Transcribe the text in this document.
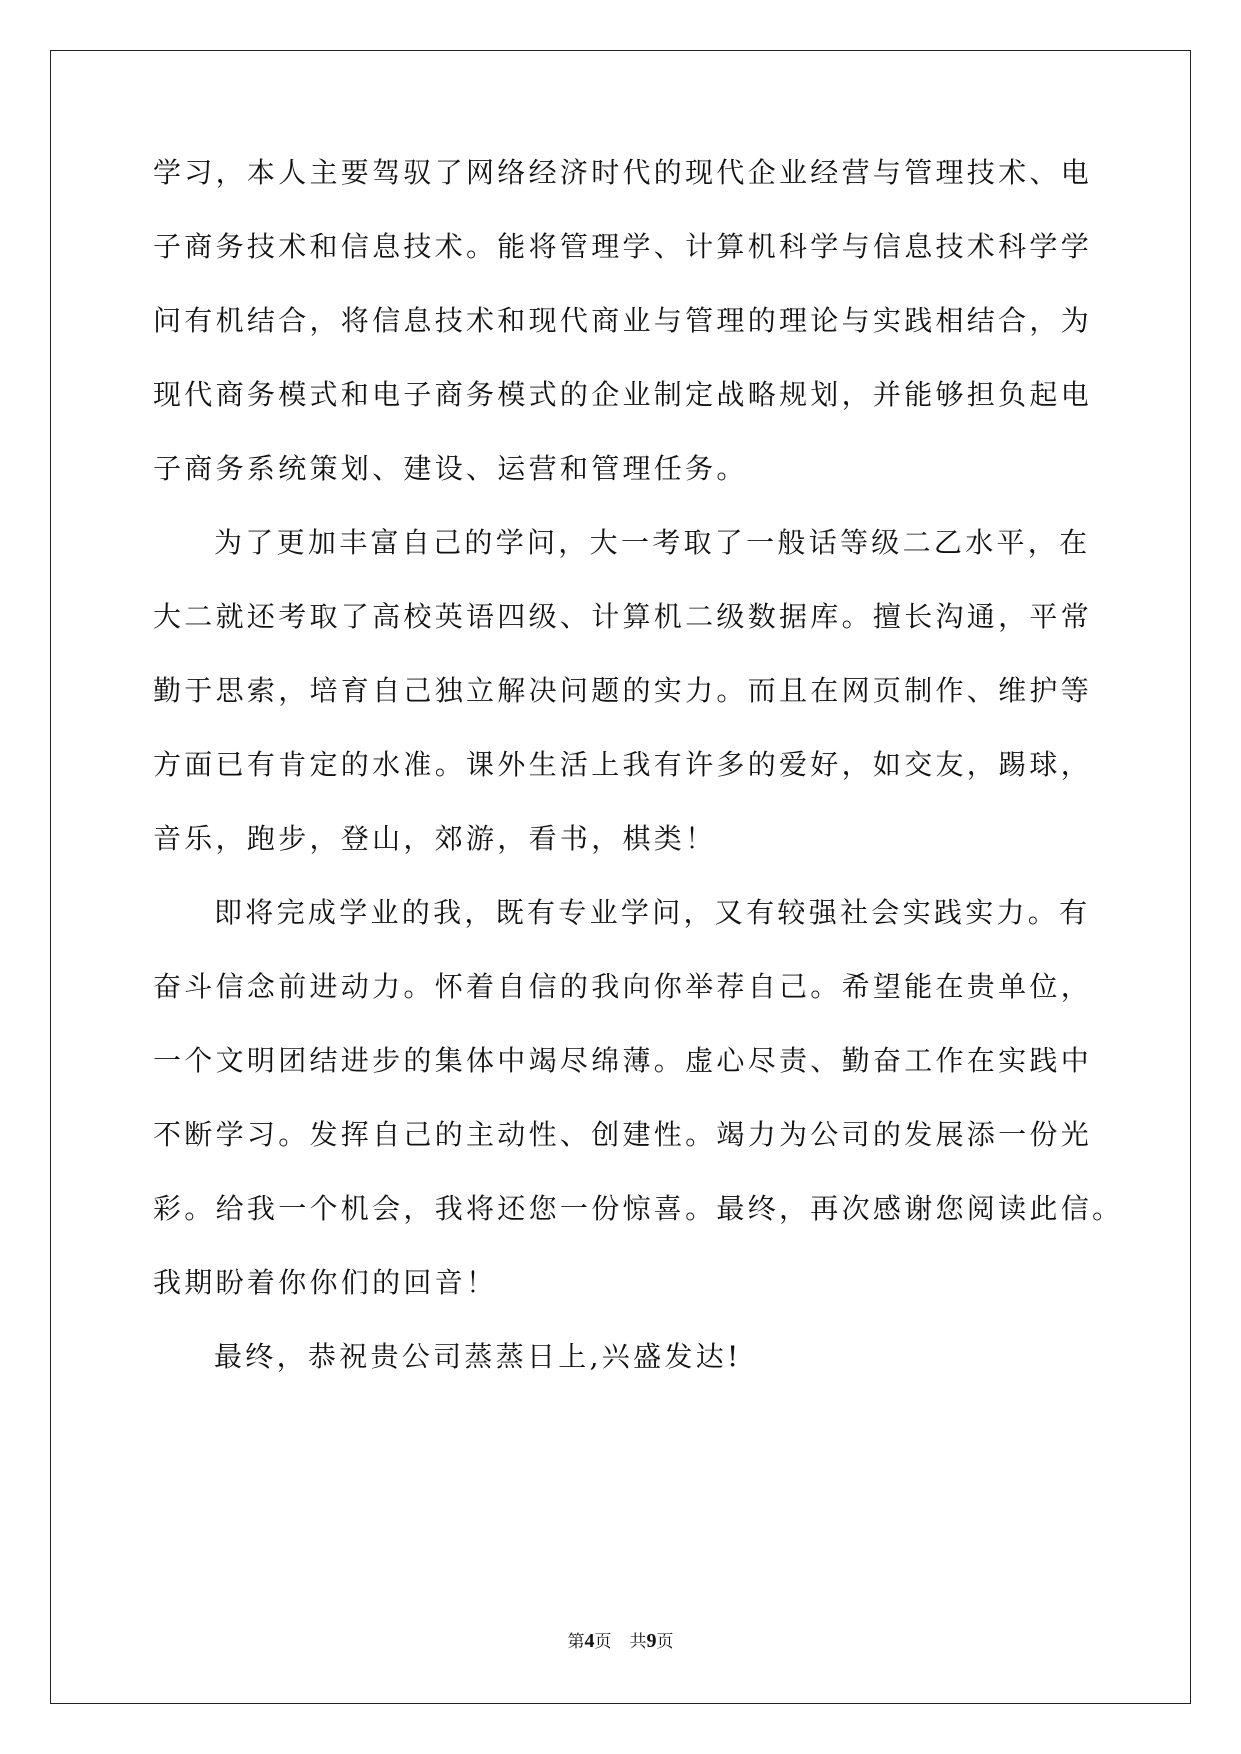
学习，本人主要驾驭了网络经济时代的现代企业经营与管理技术、电
子商务技术和信息技术。能将管理学、计算机科学与信息技术科学学
问有机结合，将信息技术和现代商业与管理的理论与实践相结合，为
现代商务模式和电子商务模式的企业制定战略规划，并能够担负起电
子商务系统策划、建设、运营和管理任务。
为了更加丰富自己的学问，大一考取了一般话等级二乙水平，在
大二就还考取了高校英语四级、计算机二级数据库。擅长沟通，平常
勤于思索，培育自己独立解决问题的实力。而且在网页制作、维护等
方面已有肯定的水准。课外生活上我有许多的爱好，如交友，踢球，
音乐，跑步，登山，郊游，看书，棋类！
即将完成学业的我，既有专业学问，又有较强社会实践实力。有
奋斗信念前进动力。怀着自信的我向你举荐自己。希望能在贵单位，
一个文明团结进步的集体中竭尽绵薄。虚心尽责、勤奋工作在实践中
不断学习。发挥自己的主动性、创建性。竭力为公司的发展添一份光
彩。给我一个机会，我将还您一份惊喜。最终，再次感谢您阅读此信。
我期盼着你你们的回音！
最终，恭祝贵公司蒸蒸日上,兴盛发达!
第4页 共9页
